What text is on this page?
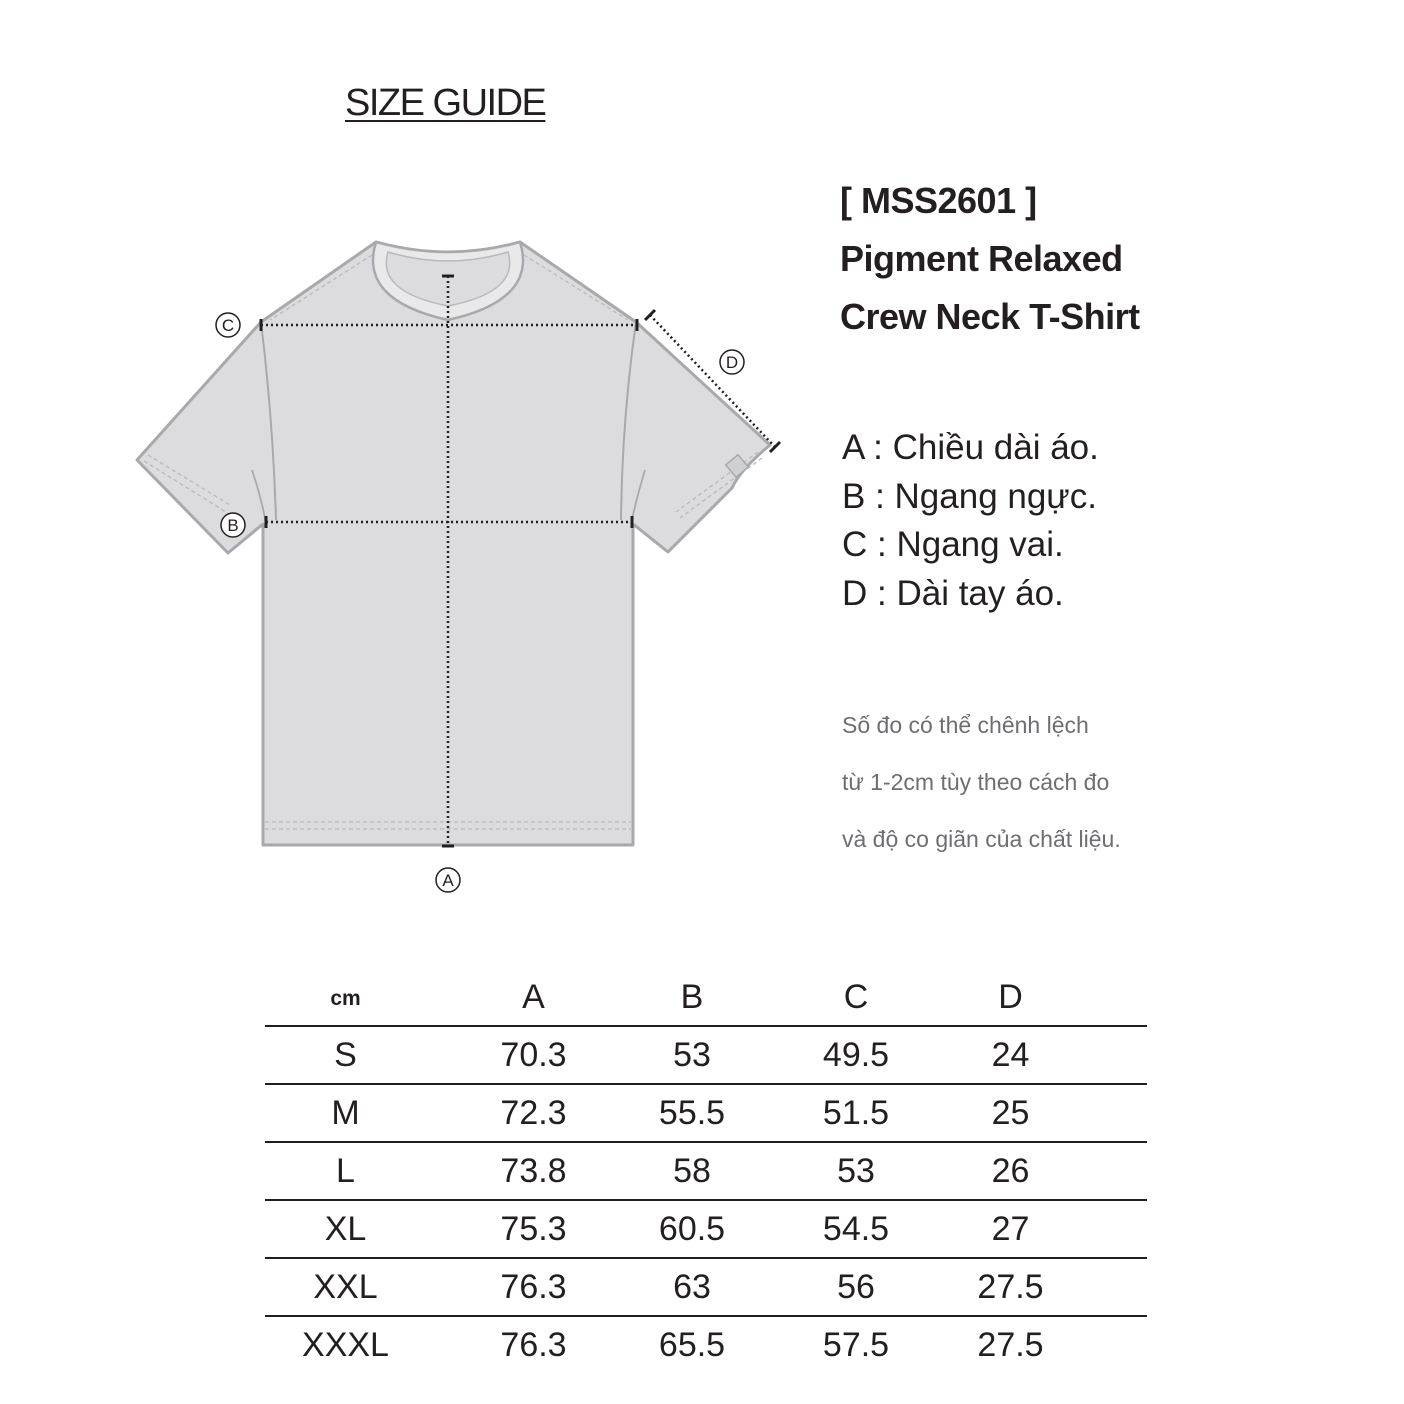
SIZE GUIDE
C
D
B
A
[ MSS2601 ]
Pigment Relaxed
Crew Neck T-Shirt
A : Chiều dài áo.
B : Ngang ngực.
C : Ngang vai.
D : Dài tay áo.
Số đo có thể chênh lệch
từ 1-2cm tùy theo cách đo
và độ co giãn của chất liệu.
cm	A	B	C	D	
S	70.3	53	49.5	24	
M	72.3	55.5	51.5	25	
L	73.8	58	53	26	
XL	75.3	60.5	54.5	27	
XXL	76.3	63	56	27.5	
XXXL	76.3	65.5	57.5	27.5	
